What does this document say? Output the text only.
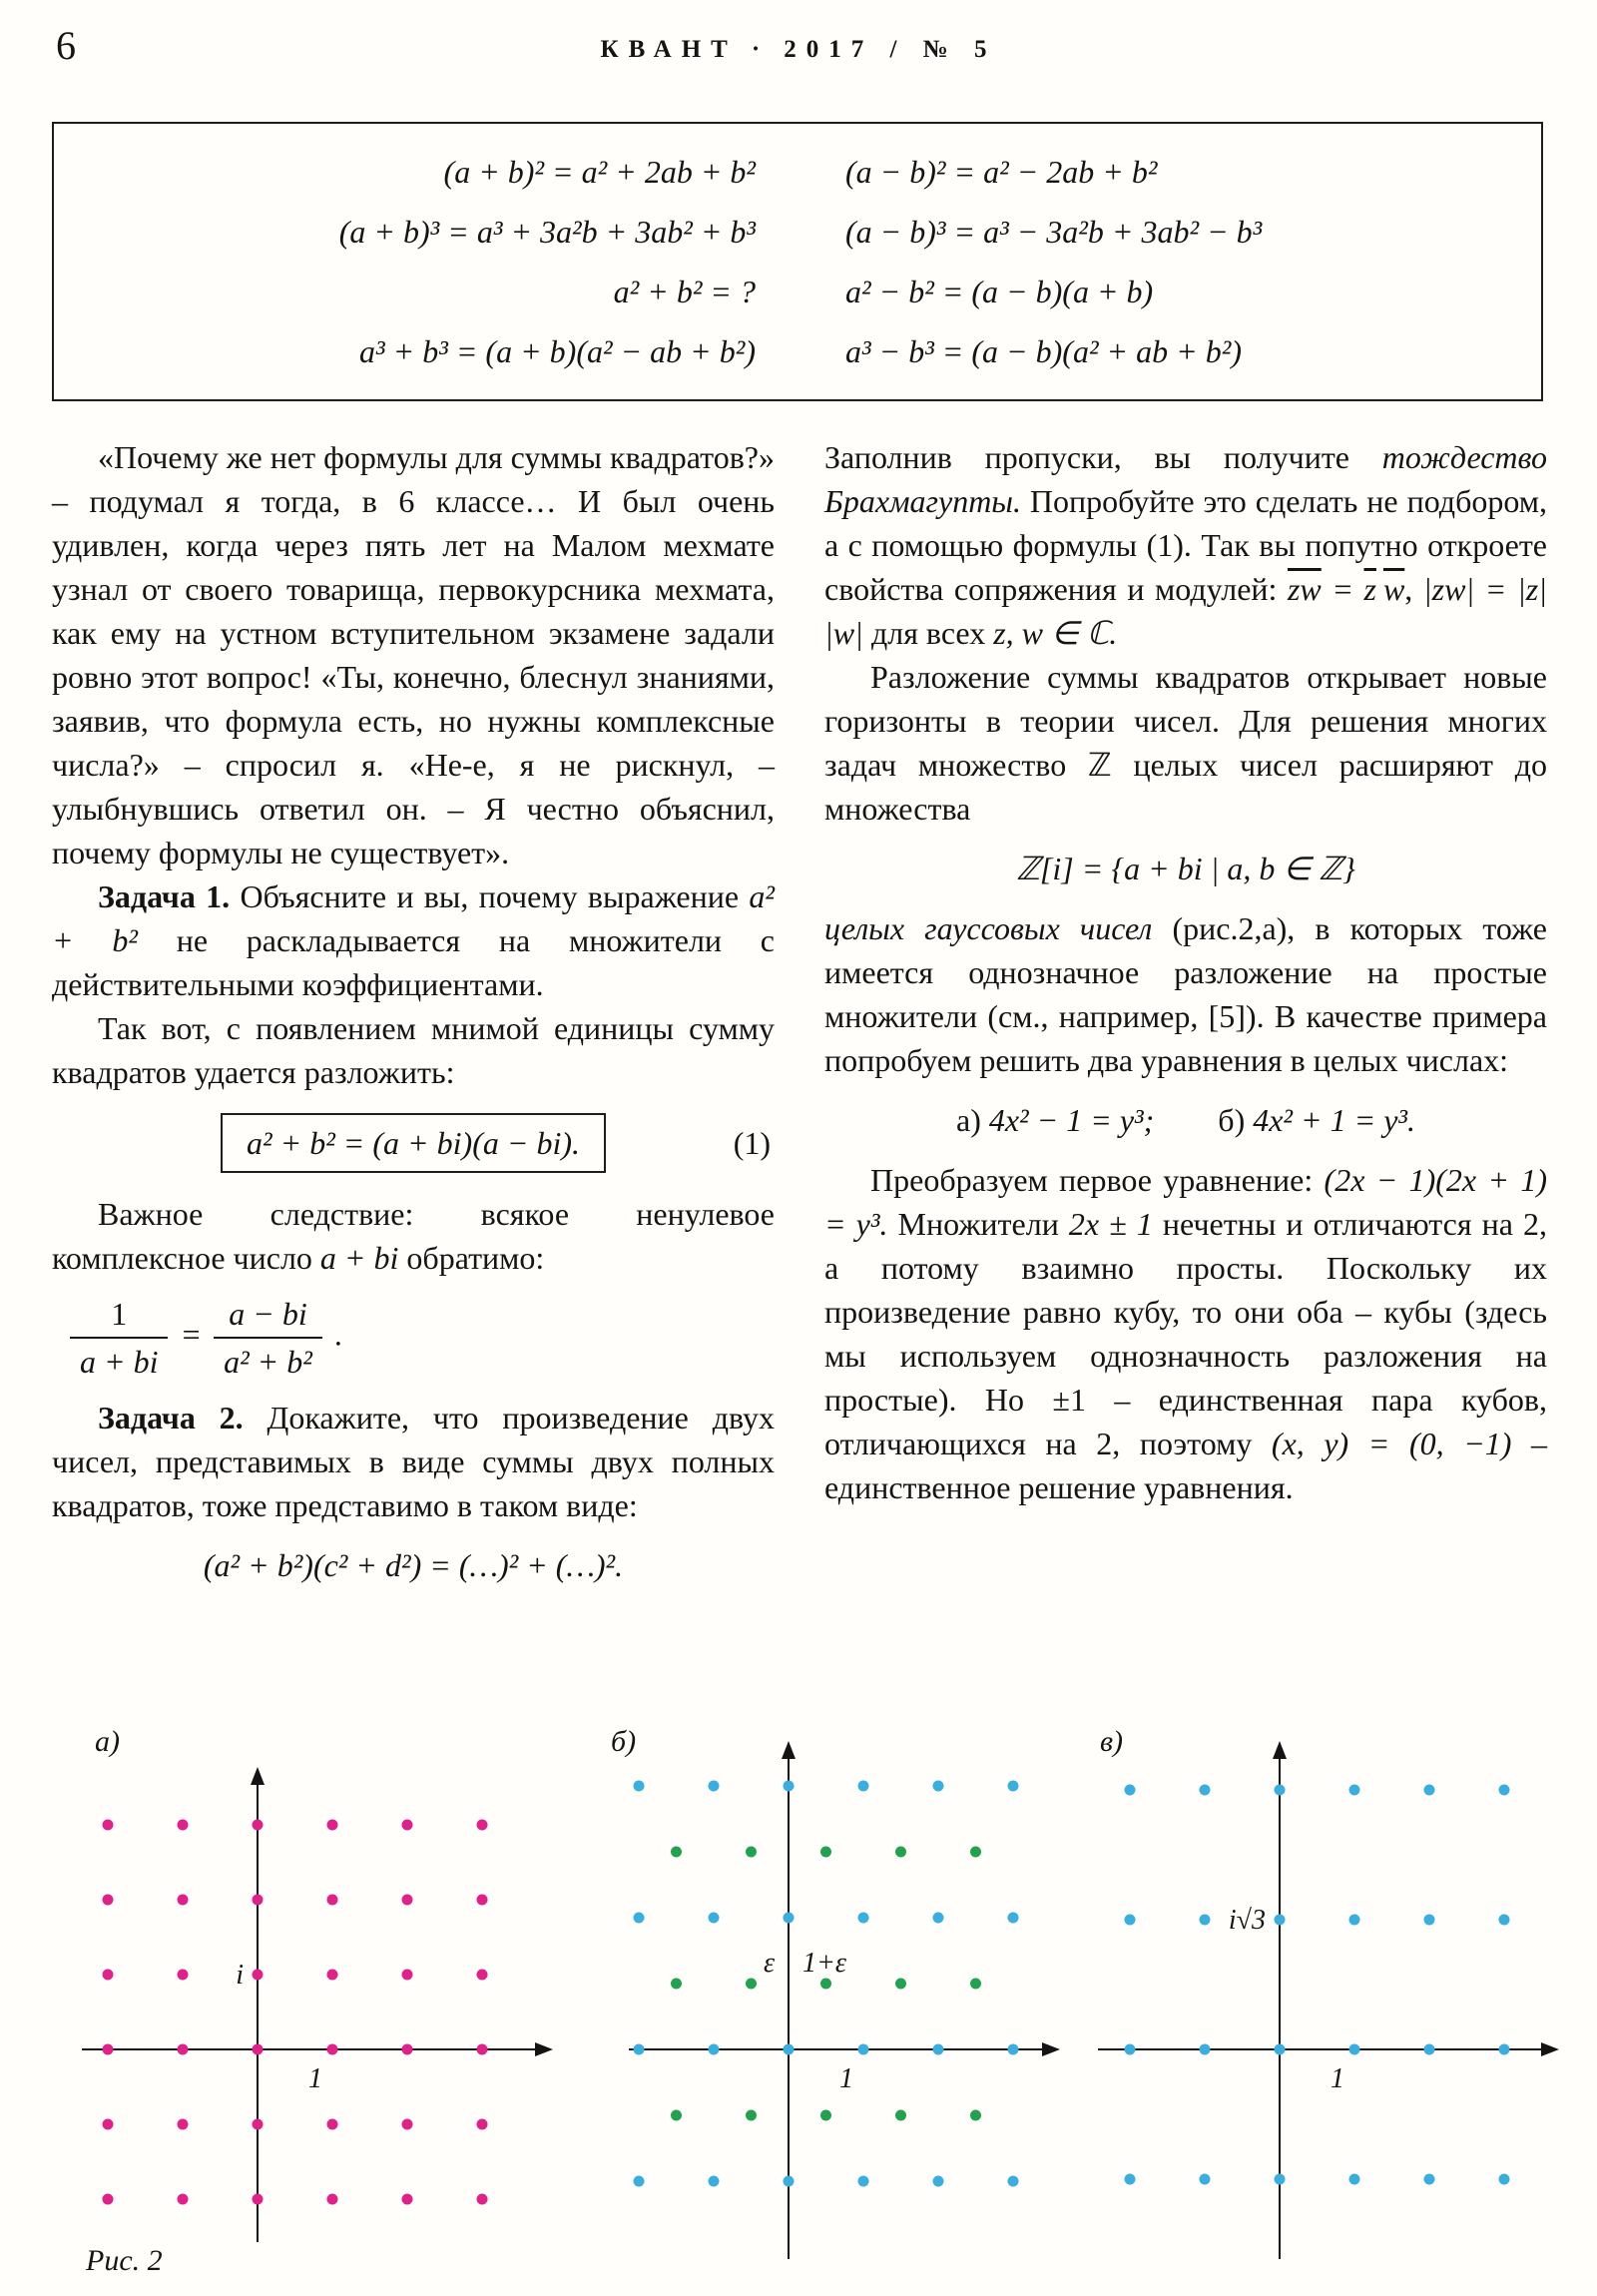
6	КВАНТ · 2017 / № 5
(a + b)² = a² + 2ab + b²	(a − b)² = a² − 2ab + b²
(a + b)³ = a³ + 3a²b + 3ab² + b³	(a − b)³ = a³ − 3a²b + 3ab² − b³
a² + b² = ?	a² − b² = (a − b)(a + b)
a³ + b³ = (a + b)(a² − ab + b²)	a³ − b³ = (a − b)(a² + ab + b²)

«Почему же нет формулы для суммы квадратов?» – подумал я тогда, в 6 классе… И был очень удивлен, когда через пять лет на Малом мехмате узнал от своего товарища, первокурсника мехмата, как ему на устном вступительном экзамене задали ровно этот вопрос! «Ты, конечно, блеснул знаниями, заявив, что формула есть, но нужны комплексные числа?» – спросил я. «Не-е, я не рискнул, – улыбнувшись ответил он. – Я честно объяснил, почему формулы не существует».

Задача 1. Объясните и вы, почему выражение a² + b² не раскладывается на множители с действительными коэффициентами.

Так вот, с появлением мнимой единицы сумму квадратов удается разложить:

a² + b² = (a + bi)(a − bi).	(1)

Важное следствие: всякое ненулевое комплексное число a + bi обратимо:

$\frac{1}{a + bi} = \frac{a - bi}{\text{a² + b²}}$ .

Задача 2. Докажите, что произведение двух чисел, представимых в виде суммы двух полных квадратов, тоже представимо в таком виде:

(a² + b²)(c² + d²) = (…)² + (…)².

Заполнив пропуски, вы получите тождество Брахмагупты. Попробуйте это сделать не подбором, а с помощью формулы (1). Так вы попутно откроете свойства сопряжения и модулей: $\overline{zw} = \overline{z}$ $\overline{w}$, |zw| = |z| |w| для всех z, w ∈ ℂ.

Разложение суммы квадратов открывает новые горизонты в теории чисел. Для решения многих задач множество ℤ целых чисел расширяют до множества

ℤ[i] = {a + bi | a, b ∈ ℤ}

целых гауссовых чисел (рис.2,а), в которых тоже имеется однозначное разложение на простые множители (см., например, [5]). В качестве примера попробуем решить два уравнения в целых числах:

а) 4x² − 1 = y³; б) 4x² + 1 = y³.

Преобразуем первое уравнение: (2x − 1)(2x + 1) = y³. Множители 2x ± 1 нечетны и отличаются на 2, а потому взаимно просты. Поскольку их произведение равно кубу, то они оба – кубы (здесь мы используем однозначность разложения на простые). Но ±1 – единственная пара кубов, отличающихся на 2, поэтому (x, y) = (0, −1) – единственное решение уравнения.

а)
i
1
б)
ε 1+ε
1
в)
i√3
1
Рис. 2
